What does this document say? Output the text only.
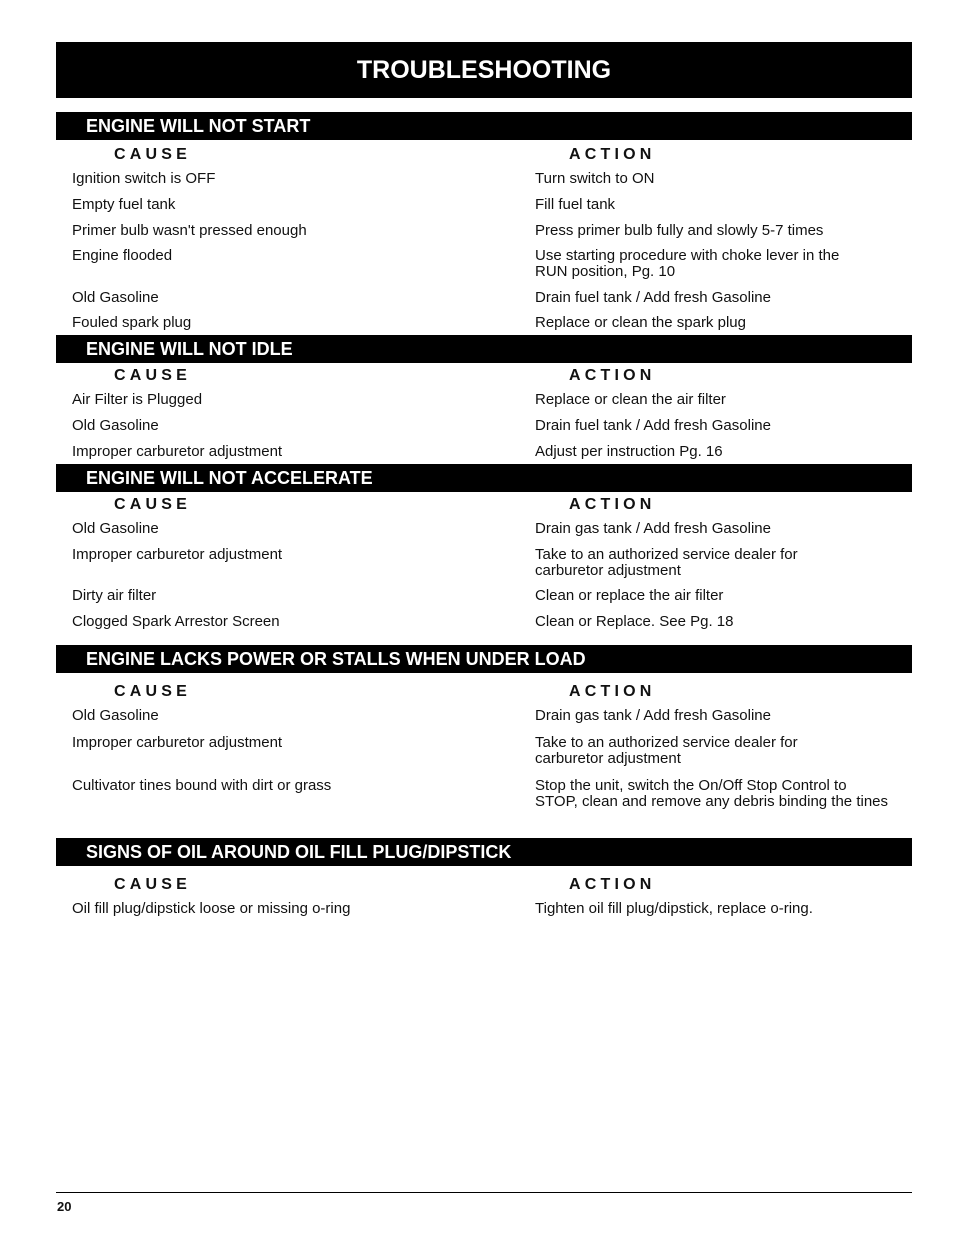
TROUBLESHOOTING
ENGINE WILL NOT START
CAUSE	ACTION
Ignition switch is OFF	Turn switch to ON
Empty fuel tank	Fill fuel tank
Primer bulb wasn't pressed enough	Press primer bulb fully and slowly 5-7 times
Engine flooded	Use starting procedure with choke lever in the
RUN position, Pg. 10
Old Gasoline	Drain fuel tank / Add fresh Gasoline
Fouled spark plug	Replace or clean the spark plug
ENGINE WILL NOT IDLE
CAUSE	ACTION
Air Filter is Plugged	Replace or clean the air filter
Old Gasoline	Drain fuel tank / Add fresh Gasoline
Improper carburetor adjustment	Adjust per instruction Pg. 16
ENGINE WILL NOT ACCELERATE
CAUSE	ACTION
Old Gasoline	Drain gas tank / Add fresh Gasoline
Improper carburetor adjustment	Take to an authorized service dealer for
carburetor adjustment
Dirty air filter	Clean or replace the air filter
Clogged Spark Arrestor Screen	Clean or Replace. See Pg. 18
ENGINE LACKS POWER OR STALLS WHEN UNDER LOAD
CAUSE	ACTION
Old Gasoline	Drain gas tank / Add fresh Gasoline
Improper carburetor adjustment	Take to an authorized service dealer for
carburetor adjustment
Cultivator tines bound with dirt or grass	Stop the unit, switch the On/Off Stop Control to
STOP, clean and remove any debris binding the tines
SIGNS OF OIL AROUND OIL FILL PLUG/DIPSTICK
CAUSE	ACTION
Oil fill plug/dipstick loose or missing o-ring	Tighten oil fill plug/dipstick, replace o-ring.
20
